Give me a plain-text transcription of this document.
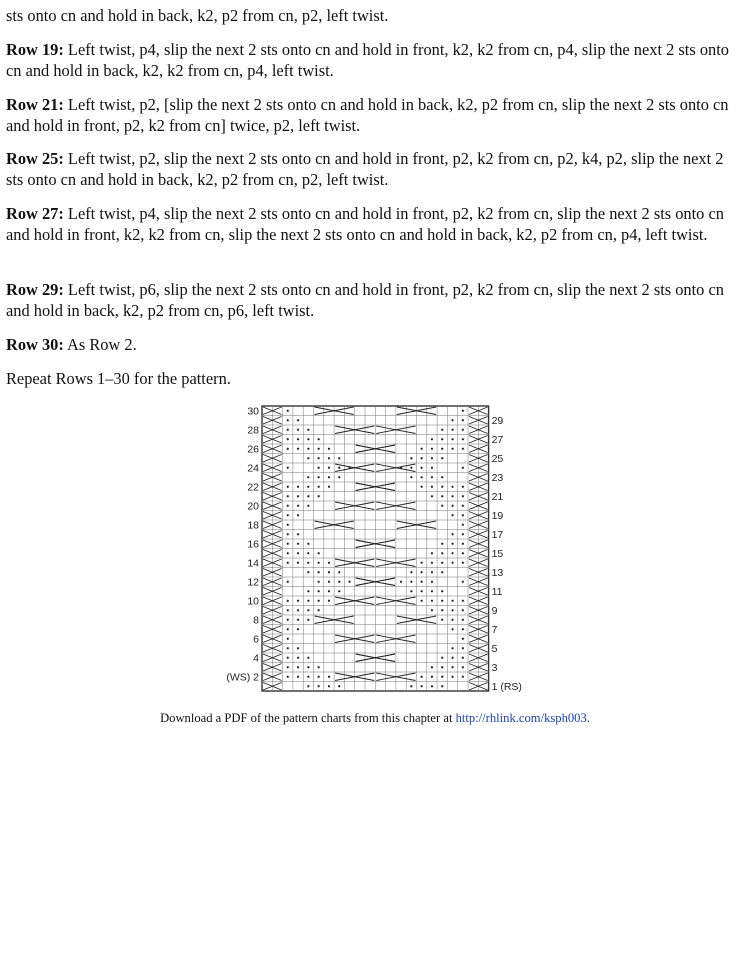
sts onto cn and hold in back, k2, p2 from cn, p2, left twist.

Row 19: Left twist, p4, slip the next 2 sts onto cn and hold in front, k2, k2 from cn, p4, slip the next 2 sts onto cn and hold in back, k2, k2 from cn, p4, left twist.

Row 21: Left twist, p2, [slip the next 2 sts onto cn and hold in back, k2, p2 from cn, slip the next 2 sts onto cn and hold in front, p2, k2 from cn] twice, p2, left twist.

Row 25: Left twist, p2, slip the next 2 sts onto cn and hold in front, p2, k2 from cn, p2, k4, p2, slip the next 2 sts onto cn and hold in back, k2, p2 from cn, p2, left twist.

Row 27: Left twist, p4, slip the next 2 sts onto cn and hold in front, p2, k2 from cn, slip the next 2 sts onto cn and hold in front, k2, k2 from cn, slip the next 2 sts onto cn and hold in back, k2, p2 from cn, p4, left twist.

Row 29: Left twist, p6, slip the next 2 sts onto cn and hold in front, p2, k2 from cn, slip the next 2 sts onto cn and hold in back, k2, p2 from cn, p6, left twist.

Row 30: As Row 2.

Repeat Rows 1–30 for the pattern.

30
28
26
24
22
20
18
16
14
12
10
8
6
4
(WS) 2
29
27
25
23
21
19
17
15
13
11
9
7
5
3
1 (RS)
Download a PDF of the pattern charts from this chapter at http://rhlink.com/ksph003.
